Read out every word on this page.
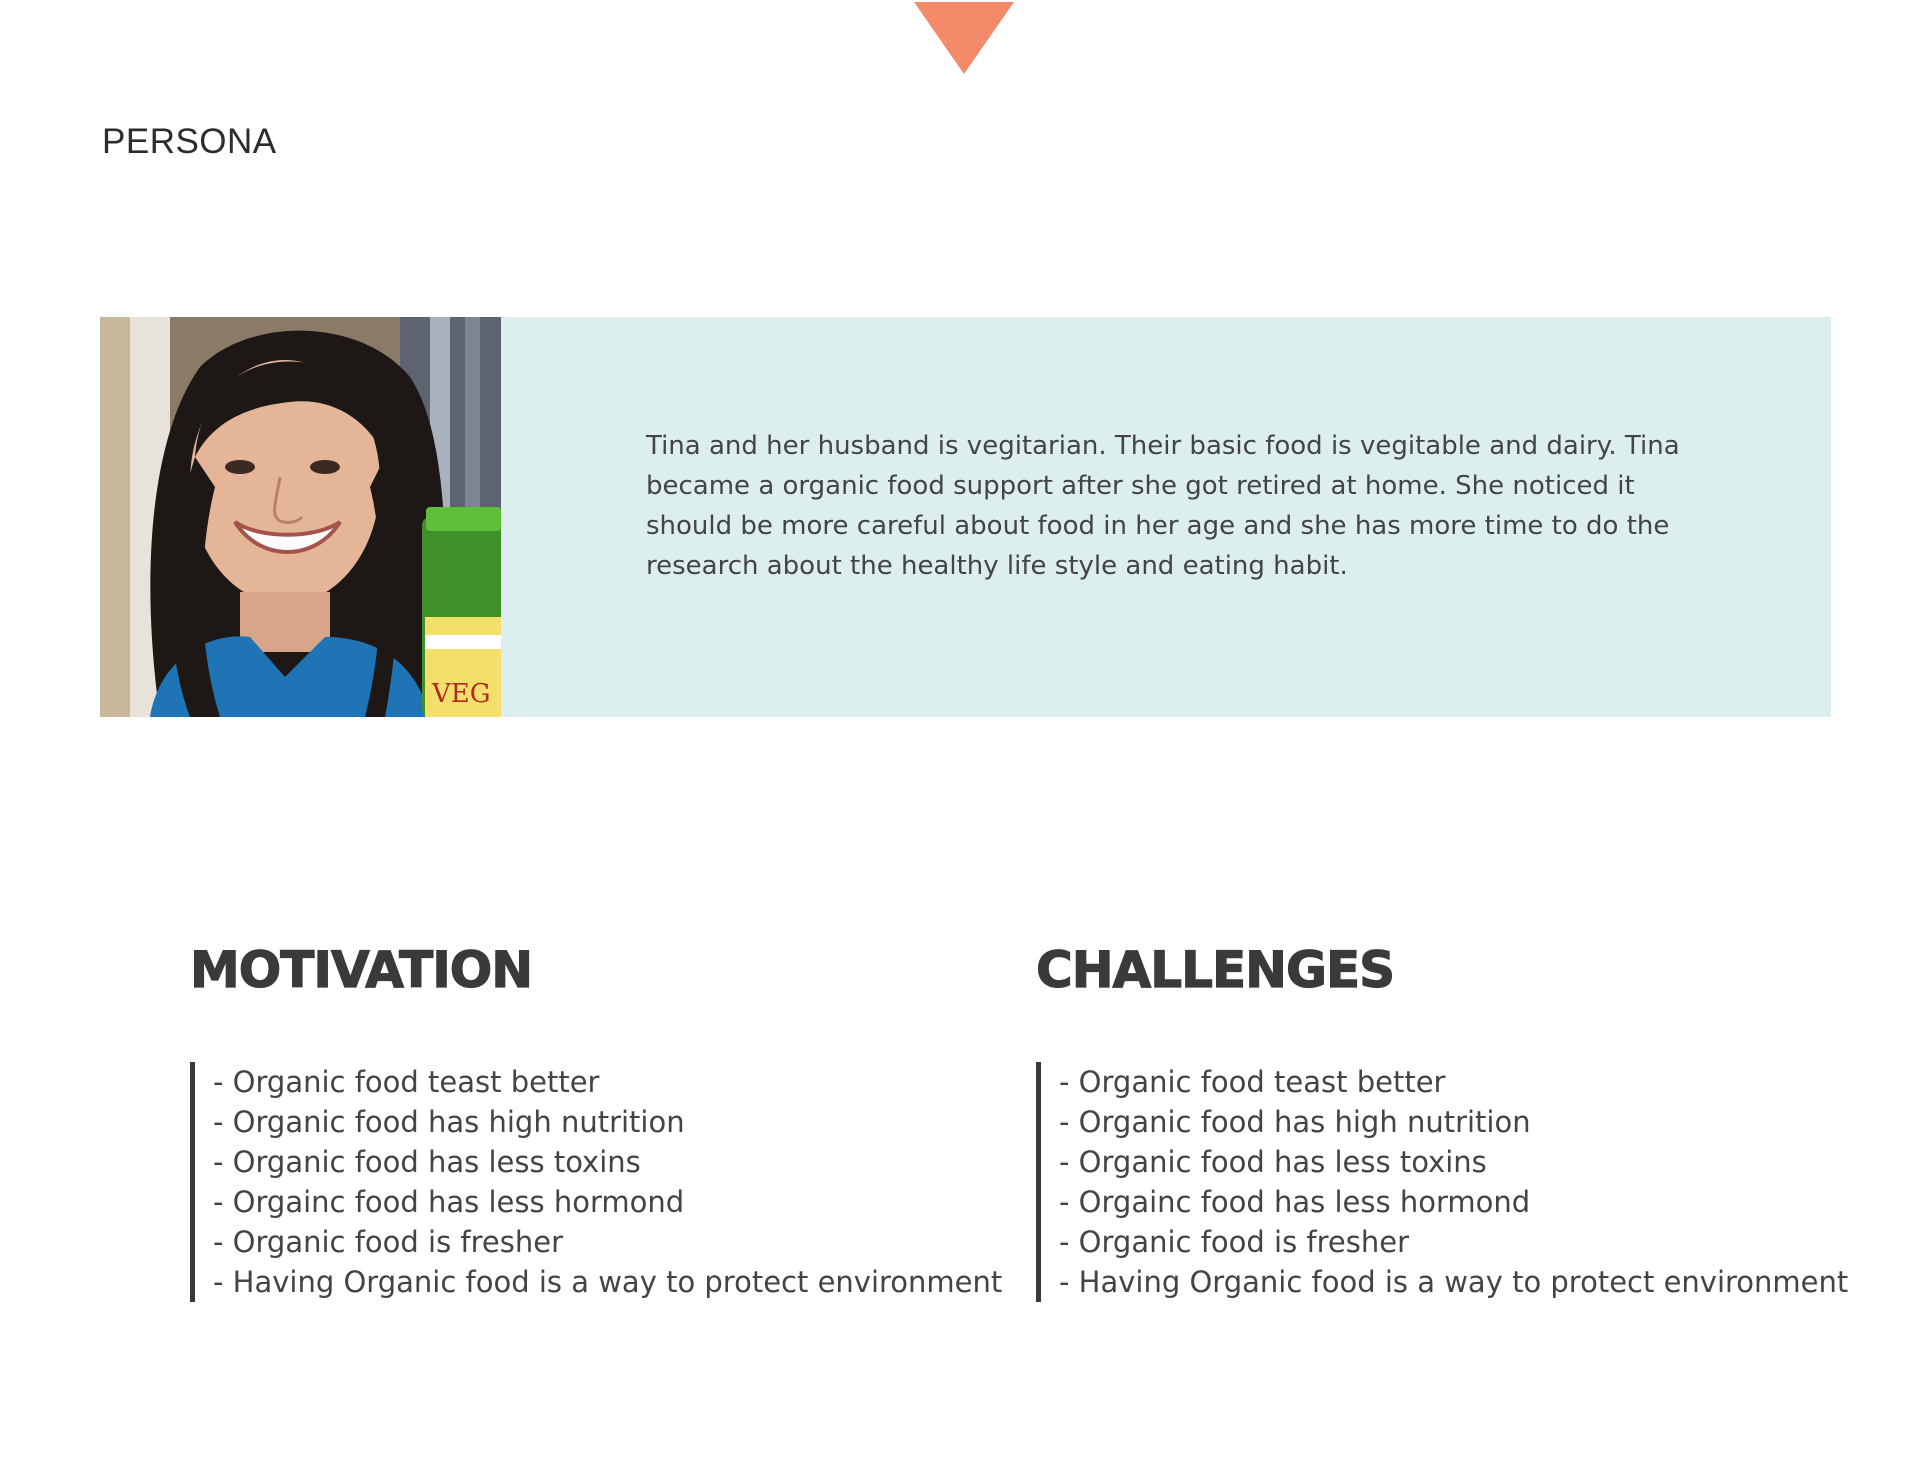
PERSONA
VEG

Tina and her husband is vegitarian. Their basic food is vegitable and dairy. Tina became a organic food support after she got retired at home. She noticed it should be more careful about food in her age and she has more time to do the research about the healthy life style and eating habit.

MOTIVATION
- Organic food teast better
- Organic food has high nutrition
- Organic food has less toxins
- Orgainc food has less hormond
- Organic food is fresher
- Having Organic food is a way to protect environment
CHALLENGES
- Organic food teast better
- Organic food has high nutrition
- Organic food has less toxins
- Orgainc food has less hormond
- Organic food is fresher
- Having Organic food is a way to protect environment
